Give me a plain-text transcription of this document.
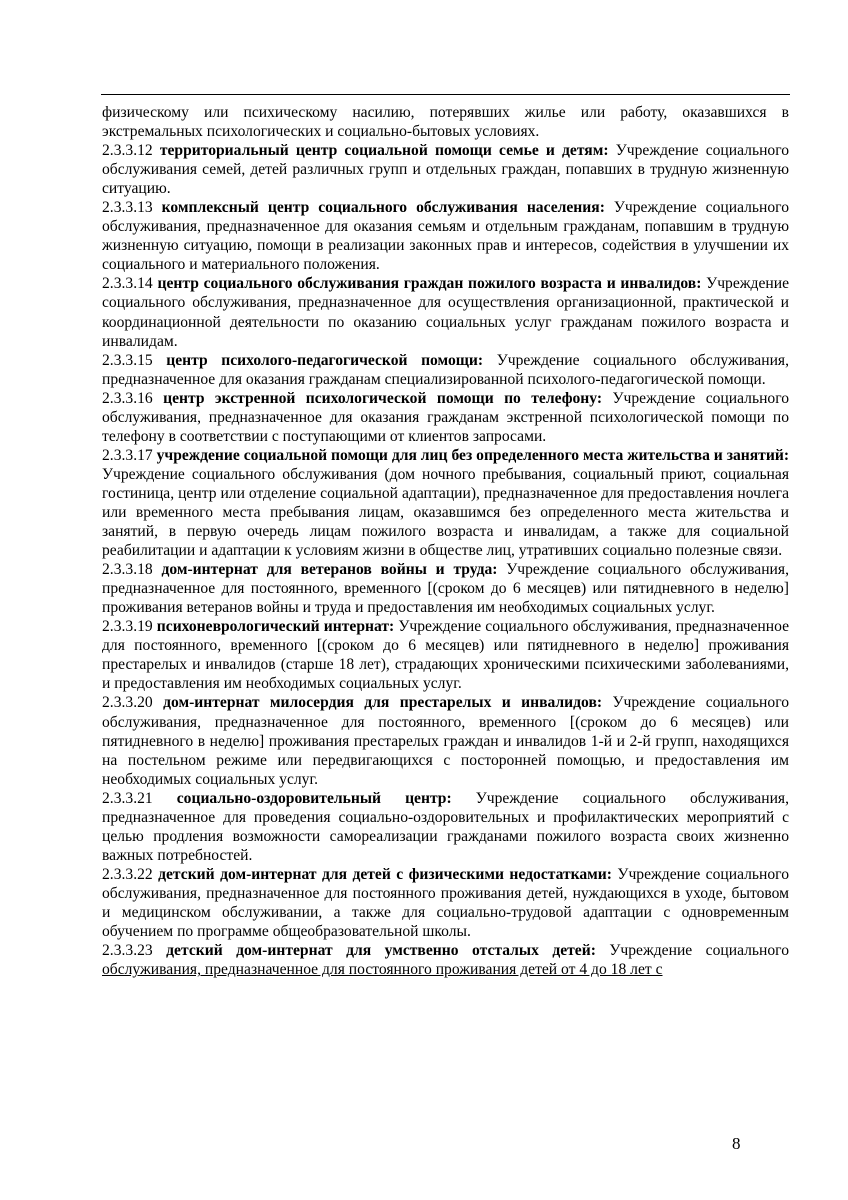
физическому или психическому насилию, потерявших жилье или работу, оказавшихся в экстремальных психологических и социально-бытовых условиях.

2.3.3.12 территориальный центр социальной помощи семье и детям: Учреждение социального обслуживания семей, детей различных групп и отдельных граждан, попавших в трудную жизненную ситуацию.

2.3.3.13 комплексный центр социального обслуживания населения: Учреждение социального обслуживания, предназначенное для оказания семьям и отдельным гражданам, попавшим в трудную жизненную ситуацию, помощи в реализации законных прав и интересов, содействия в улучшении их социального и материального положения.

2.3.3.14 центр социального обслуживания граждан пожилого возраста и инвалидов: Учреждение социального обслуживания, предназначенное для осуществления организационной, практической и координационной деятельности по оказанию социальных услуг гражданам пожилого возраста и инвалидам.

2.3.3.15 центр психолого-педагогической помощи: Учреждение социального обслуживания, предназначенное для оказания гражданам специализированной психолого-педагогической помощи.

2.3.3.16 центр экстренной психологической помощи по телефону: Учреждение социального обслуживания, предназначенное для оказания гражданам экстренной психологической помощи по телефону в соответствии с поступающими от клиентов запросами.

2.3.3.17 учреждение социальной помощи для лиц без определенного места жительства и занятий: Учреждение социального обслуживания (дом ночного пребывания, социальный приют, социальная гостиница, центр или отделение социальной адаптации), предназначенное для предоставления ночлега или временного места пребывания лицам, оказавшимся без определенного места жительства и занятий, в первую очередь лицам пожилого возраста и инвалидам, а также для социальной реабилитации и адаптации к условиям жизни в обществе лиц, утративших социально полезные связи.

2.3.3.18 дом-интернат для ветеранов войны и труда: Учреждение социального обслуживания, предназначенное для постоянного, временного [(сроком до 6 месяцев) или пятидневного в неделю] проживания ветеранов войны и труда и предоставления им необходимых социальных услуг.

2.3.3.19 психоневрологический интернат: Учреждение социального обслуживания, предназначенное для постоянного, временного [(сроком до 6 месяцев) или пятидневного в неделю] проживания престарелых и инвалидов (старше 18 лет), страдающих хроническими психическими заболеваниями, и предоставления им необходимых социальных услуг.

2.3.3.20 дом-интернат милосердия для престарелых и инвалидов: Учреждение социального обслуживания, предназначенное для постоянного, временного [(сроком до 6 месяцев) или пятидневного в неделю] проживания престарелых граждан и инвалидов 1-й и 2-й групп, находящихся на постельном режиме или передвигающихся с посторонней помощью, и предоставления им необходимых социальных услуг.

2.3.3.21 социально-оздоровительный центр: Учреждение социального обслуживания, предназначенное для проведения социально-оздоровительных и профилактических мероприятий с целью продления возможности самореализации гражданами пожилого возраста своих жизненно важных потребностей.

2.3.3.22 детский дом-интернат для детей с физическими недостатками: Учреждение социального обслуживания, предназначенное для постоянного проживания детей, нуждающихся в уходе, бытовом и медицинском обслуживании, а также для социально-трудовой адаптации с одновременным обучением по программе общеобразовательной школы.

2.3.3.23 детский дом-интернат для умственно отсталых детей: Учреждение социального обслуживания, предназначенное для постоянного проживания детей от 4 до 18 лет с

8
